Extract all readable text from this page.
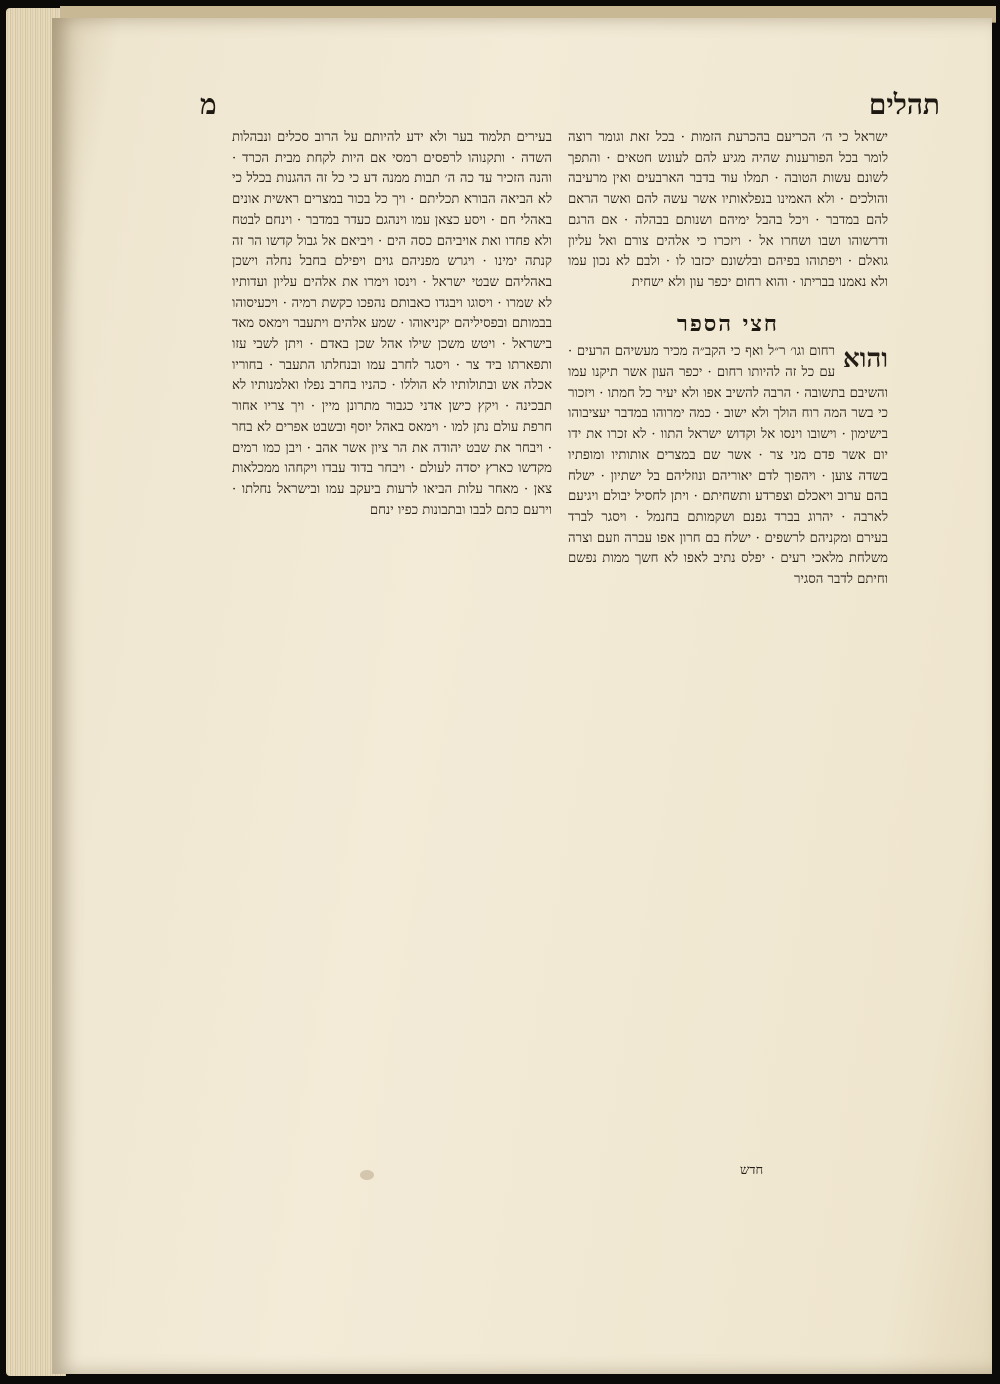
תהלים
מ

ישראל כי ה׳ הכריעם בהכרעת הזמות · בכל זאת וגומר רוצה לומר בכל הפורענות שהיה מגיע להם לעונש חטאים · והתפך לשונם עשות הטובה · תמלו עוד בדבר הארבעים ואין מרעיבה והולכים · ולא האמינו בנפלאותיו אשר עשה להם ואשר הראם להם במדבר · ויכל בהבל ימיהם ושנותם בבהלה · אם הרגם ודרשוהו ושבו ושחרו אל · ויזכרו כי אלהים צורם ואל עליון גואלם · ויפתוהו בפיהם ובלשונם יכזבו לו · ולבם לא נכון עמו ולא נאמנו בבריתו · והוא רחום יכפר עון ולא ישחית

חצי הספר

והוא
רחום וגו׳ ר״ל ואף כי הקב״ה מכיר מעשיהם הרעים · עם כל זה להיותו רחום · יכפר העון אשר תיקנו עמו והשיבם בתשובה · הרבה להשיב אפו ולא יעיר כל חמתו · ויזכור כי בשר המה רוח הולך ולא ישוב · כמה ימרוהו במדבר יעציבוהו בישימון · וישובו וינסו אל וקדוש ישראל התוו · לא זכרו את ידו יום אשר פדם מני צר · אשר שם במצרים אותותיו ומופתיו בשדה צוען · ויהפוך לדם יאוריהם ונוזליהם בל ישתיון · ישלח בהם ערוב ויאכלם וצפרדע ותשחיתם · ויתן לחסיל יבולם ויגיעם לארבה · יהרוג בברד גפנם ושקמותם בחנמל · ויסגר לברד בעירם ומקניהם לרשפים · ישלח בם חרון אפו עברה וזעם וצרה משלחת מלאכי רעים · יפלס נתיב לאפו לא חשך ממות נפשם וחיתם לדבר הסגיר

בעירים תלמוד בער ולא ידע להיותם על הרוב סכלים ונבהלות השדה · ותקנוהו לרפסים רמסי אם היות לקחת מבית הכרד · והנה הזכיר עד כה ה׳ תבות ממנה דע כי כל זה ההגנות בכלל כי לא הביאה הבורא תכליתם · ויך כל בכור במצרים ראשית אונים באהלי חם · ויסע כצאן עמו וינהגם כעדר במדבר · וינחם לבטח ולא פחדו ואת אויביהם כסה הים · ויביאם אל גבול קדשו הר זה קנתה ימינו · ויגרש מפניהם גוים ויפילם בחבל נחלה וישכן באהליהם שבטי ישראל · וינסו וימרו את אלהים עליון ועדותיו לא שמרו · ויסוגו ויבגדו כאבותם נהפכו כקשת רמיה · ויכעיסוהו בבמותם ובפסיליהם יקניאוהו · שמע אלהים ויתעבר וימאס מאד בישראל · ויטש משכן שילו אהל שכן באדם · ויתן לשבי עזו ותפארתו ביד צר · ויסגר לחרב עמו ובנחלתו התעבר · בחוריו אכלה אש ובתולותיו לא הוללו · כהניו בחרב נפלו ואלמנותיו לא תבכינה · ויקץ כישן אדני כגבור מתרונן מיין · ויך צריו אחור חרפת עולם נתן למו · וימאס באהל יוסף ובשבט אפרים לא בחר · ויבחר את שבט יהודה את הר ציון אשר אהב · ויבן כמו רמים מקדשו כארץ יסדה לעולם · ויבחר בדוד עבדו ויקחהו ממכלאות צאן · מאחר עלות הביאו לרעות ביעקב עמו ובישראל נחלתו · וירעם כתם לבבו ובתבונות כפיו ינחם

חדש
